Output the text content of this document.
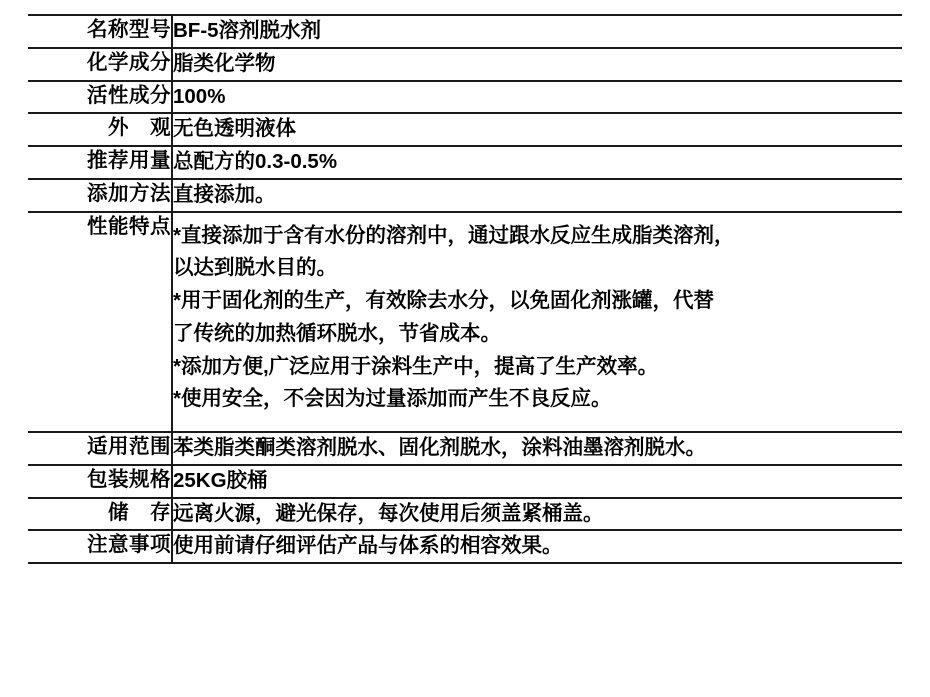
名称型号	BF-5溶剂脱水剂

化学成分	脂类化学物

活性成分	100%

外　观	无色透明液体

推荐用量	总配方的0.3-0.5%

添加方法	直接添加。

性能特点	*直接添加于含有水份的溶剂中，通过跟水反应生成脂类溶剂，

以达到脱水目的。

*用于固化剂的生产，有效除去水分，以免固化剂涨罐，代替

了传统的加热循环脱水，节省成本。

*添加方便,广泛应用于涂料生产中，提高了生产效率。

*使用安全，不会因为过量添加而产生不良反应。

适用范围	苯类脂类酮类溶剂脱水、固化剂脱水，涂料油墨溶剂脱水。

包装规格	25KG胶桶

储　存	远离火源，避光保存，每次使用后须盖紧桶盖。

注意事项	使用前请仔细评估产品与体系的相容效果。
